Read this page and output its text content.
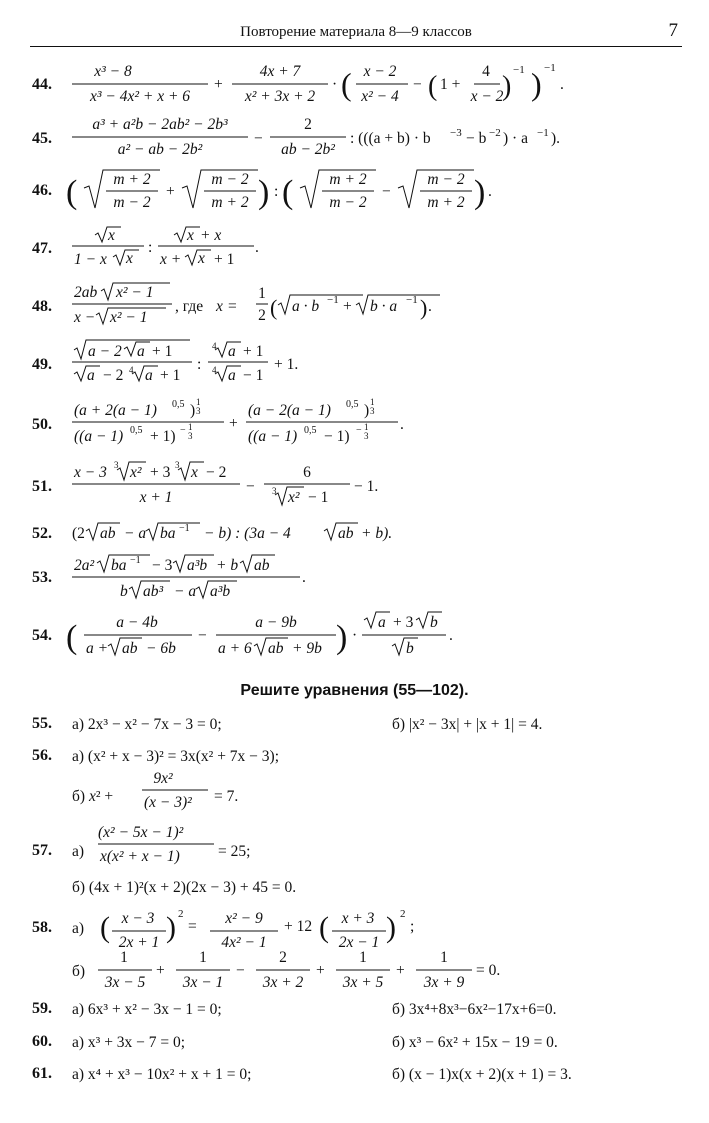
Повторение материала 8—9 классов	7
44.
x³ − 8
x³ − 4x² + x + 6
+
4x + 7
x² + 3x + 2
· ( x − 2
x² − 4
− ( 1 +
4
x − 2
)
−1 ) −1
.
45.
a³ + a²b − 2ab² − 2b³
a² − ab − 2b²
−
2
ab − 2b²
: (((a + b) · b −3 − b −2 ) · a −1 ).
46. ( m + 2
m − 2
+
m − 2
m + 2 ) : ( m + 2
m − 2
−
m − 2
m + 2 ) .
47.
x
1 − x x
:
x + x
x + x + 1
.
48.
2ab x² − 1
x − x² − 1
, где x =
1
2 ( a · b −1 + b · a −1 ) .
49.
a − 2 a + 1
a − 2 4 a + 1
:
4 a + 1
4 a − 1
+ 1.
50.
(a + 2(a − 1) 0,5 ) 1
3
((a − 1) 0,5 + 1) − 1
3
+
(a − 2(a − 1) 0,5 ) 1
3
((a − 1) 0,5 − 1) − 1
3
.
51.
x − 3 3 x² + 3 3 x − 2
x + 1
−
6
3 x² − 1
− 1.
52. (2 ab − a ba −1 − b) : (3a − 4	ab + b).
53.
2a² ba −1 − 3 a³b + b ab
b ab³ − a a³b
.
54. (	a − 4b
a + ab − 6b
−
a − 9b
a + 6 ab + 9b ) ·
a + 3 b
b
.
9x²
(x − 3)²
(x² − 5x − 1)²
x(x² + x − 1)
( x − 3
2x + 1 ) 2
= x² − 9
4x² − 1
+ 12 ( x + 3
2x − 1 ) 2
;
1
3x − 5
+
1
3x − 1
−
2
3x + 2
+
1
3x + 5
+
1
3x + 9
= 0.
Решите уравнения (55—102).
55. а) 2x³ − x² − 7x − 3 = 0;	б) |x² − 3x| + |x + 1| = 4.
56. а) (x² + x − 3)² = 3x(x² + 7x − 3);
б) x² +	= 7.
57. а)	= 25;
б) (4x + 1)²(x + 2)(2x − 3) + 45 = 0.
58. а)
б)
59. а) 6x³ + x² − 3x − 1 = 0;	б) 3x⁴+8x³−6x²−17x+6=0.
60. а) x³ + 3x − 7 = 0;	б) x³ − 6x² + 15x − 19 = 0.
61. а) x⁴ + x³ − 10x² + x + 1 = 0;	б) (x − 1)x(x + 2)(x + 1) = 3.
